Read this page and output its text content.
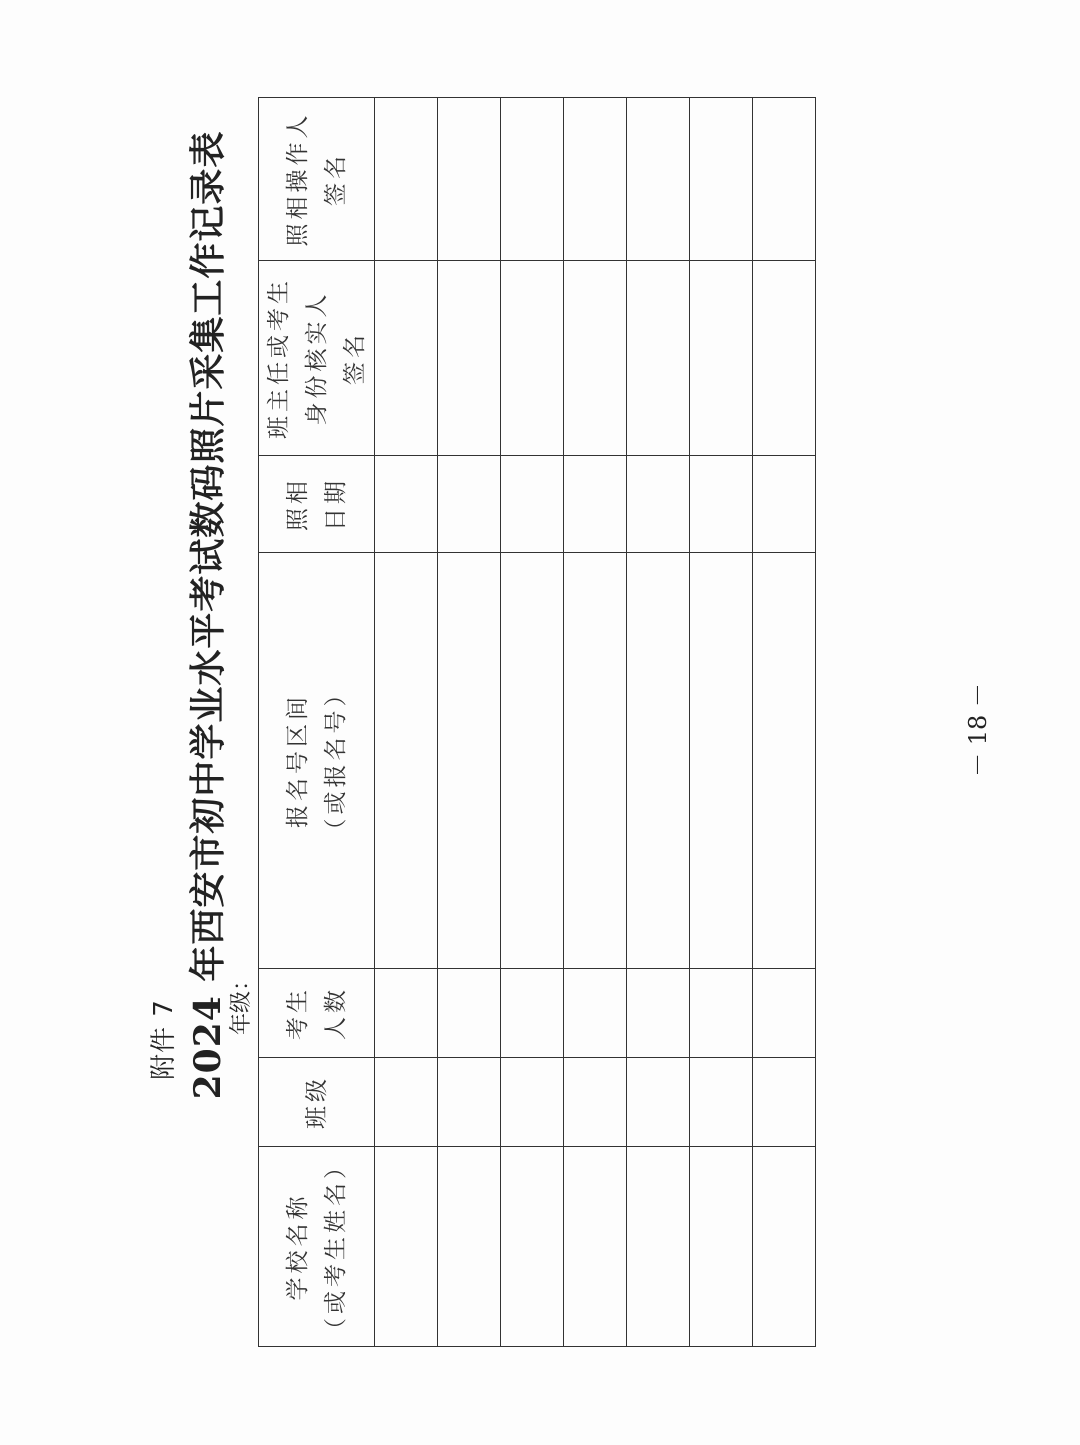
附件 7 2024 年西安市初中学业水平考试数码照片采集工作记录表 年级：
学校名称 （或考生姓名）	班级	考生 人数	报名号区间 （或报名号）	照相 日期	班主任或考生 身份核实人 签名	照相操作人 签名

－ 18 －
